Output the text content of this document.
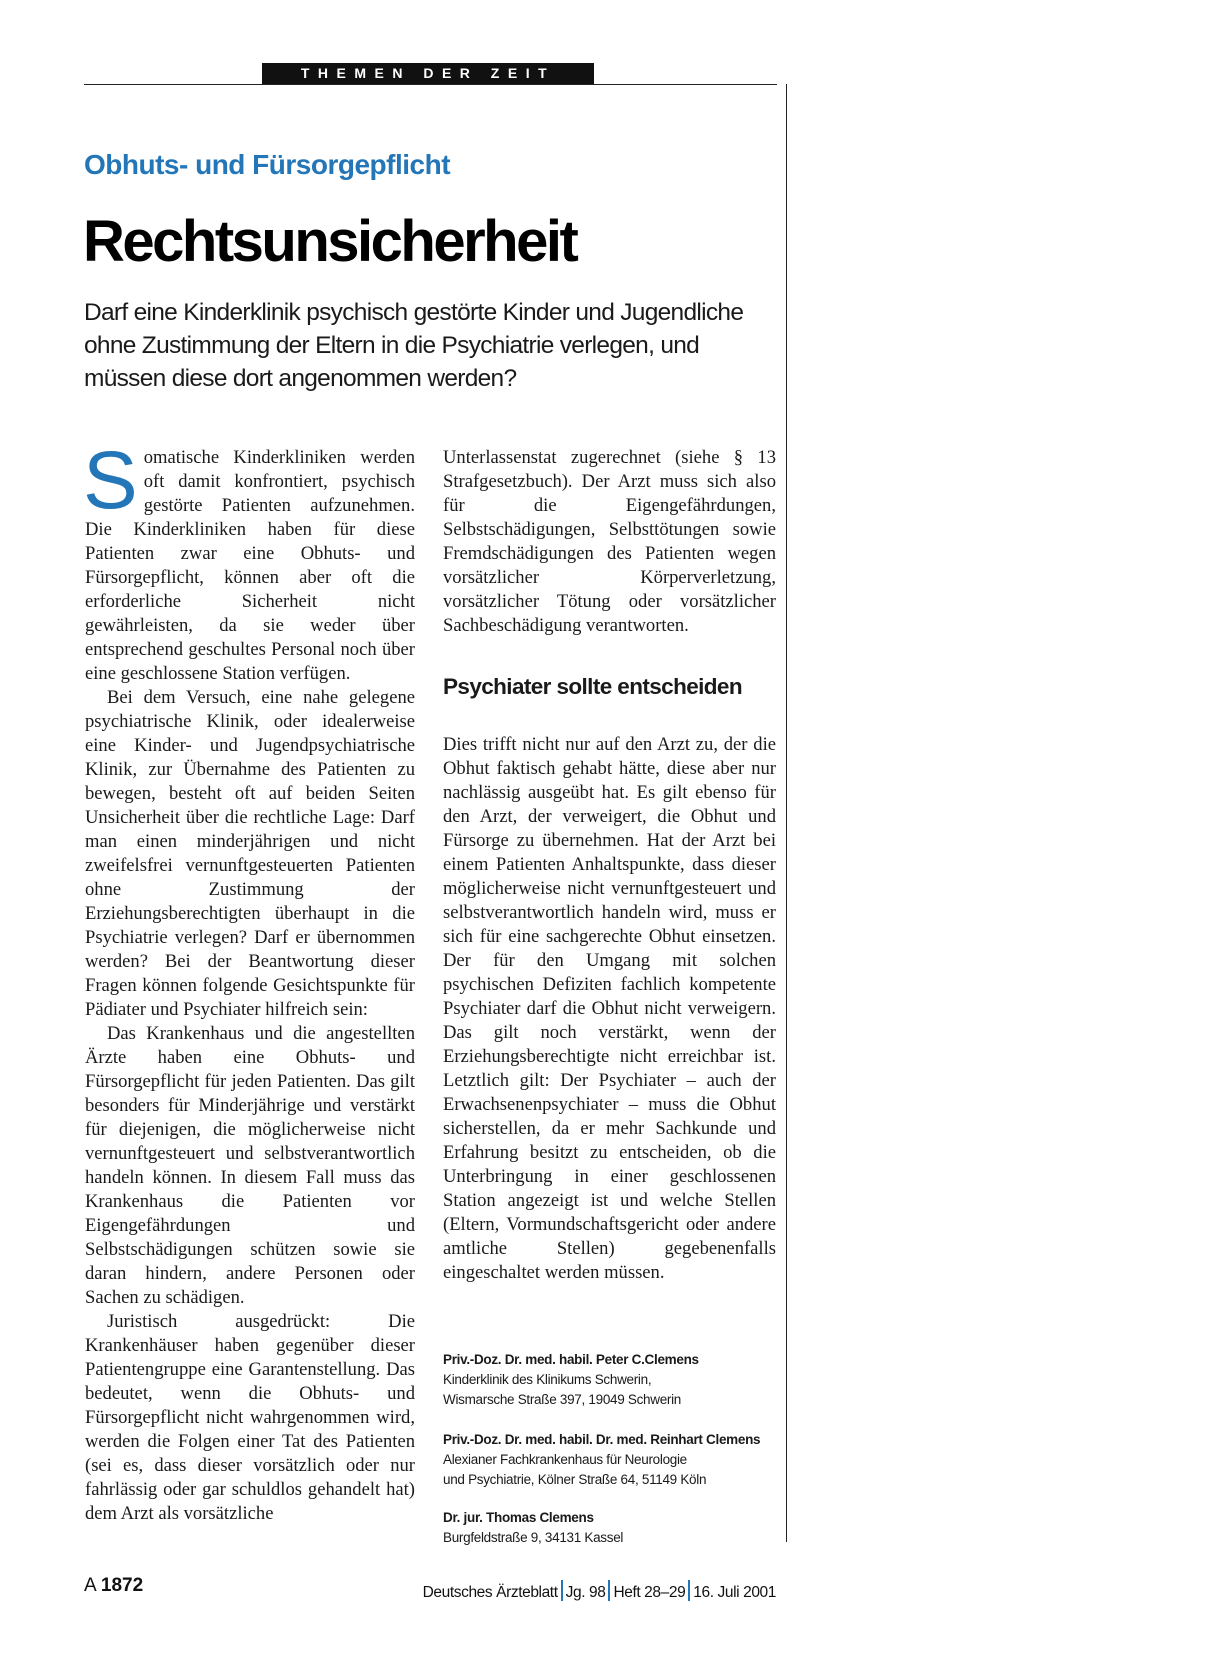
THEMEN DER ZEIT
Obhuts- und Fürsorgepflicht
Rechtsunsicherheit
Darf eine Kinderklinik psychisch gestörte Kinder und Jugendliche ohne Zustimmung der Eltern in die Psychiatrie verlegen, und müssen diese dort angenommen werden?

Somatische Kinderkliniken werden oft damit konfrontiert, psychisch gestörte Patienten aufzunehmen. Die Kinderkliniken haben für diese Patienten zwar eine Obhuts- und Fürsorgepflicht, können aber oft die erforderliche Sicherheit nicht gewährleisten, da sie weder über entsprechend geschultes Personal noch über eine geschlossene Station verfügen.

Bei dem Versuch, eine nahe gelegene psychiatrische Klinik, oder idealerweise eine Kinder- und Jugendpsychiatrische Klinik, zur Übernahme des Patienten zu bewegen, besteht oft auf beiden Seiten Unsicherheit über die rechtliche Lage: Darf man einen minderjährigen und nicht zweifelsfrei vernunftgesteuerten Patienten ohne Zustimmung der Erziehungsberechtigten überhaupt in die Psychiatrie verlegen? Darf er übernommen werden? Bei der Beantwortung dieser Fragen können folgende Gesichtspunkte für Pädiater und Psychiater hilfreich sein:

Das Krankenhaus und die angestellten Ärzte haben eine Obhuts- und Fürsorgepflicht für jeden Patienten. Das gilt besonders für Minderjährige und verstärkt für diejenigen, die möglicherweise nicht vernunftgesteuert und selbstverantwortlich handeln können. In diesem Fall muss das Krankenhaus die Patienten vor Eigengefährdungen und Selbstschädigungen schützen sowie sie daran hindern, andere Personen oder Sachen zu schädigen.

Juristisch ausgedrückt: Die Krankenhäuser haben gegenüber dieser Patientengruppe eine Garantenstellung. Das bedeutet, wenn die Obhuts- und Fürsorgepflicht nicht wahrgenommen wird, werden die Folgen einer Tat des Patienten (sei es, dass dieser vorsätzlich oder nur fahrlässig oder gar schuldlos gehandelt hat) dem Arzt als vorsätzliche

Unterlassenstat zugerechnet (siehe § 13 Strafgesetzbuch). Der Arzt muss sich also für die Eigengefährdungen, Selbstschädigungen, Selbsttötungen sowie Fremdschädigungen des Patienten wegen vorsätzlicher Körperverletzung, vorsätzlicher Tötung oder vorsätzlicher Sachbeschädigung verantworten.

Psychiater sollte entscheiden

Dies trifft nicht nur auf den Arzt zu, der die Obhut faktisch gehabt hätte, diese aber nur nachlässig ausgeübt hat. Es gilt ebenso für den Arzt, der verweigert, die Obhut und Fürsorge zu übernehmen. Hat der Arzt bei einem Patienten Anhaltspunkte, dass dieser möglicherweise nicht vernunftgesteuert und selbstverantwortlich handeln wird, muss er sich für eine sachgerechte Obhut einsetzen. Der für den Umgang mit solchen psychischen Defiziten fachlich kompetente Psychiater darf die Obhut nicht verweigern. Das gilt noch verstärkt, wenn der Erziehungsberechtigte nicht erreichbar ist. Letztlich gilt: Der Psychiater – auch der Erwachsenenpsychiater – muss die Obhut sicherstellen, da er mehr Sachkunde und Erfahrung besitzt zu entscheiden, ob die Unterbringung in einer geschlossenen Station angezeigt ist und welche Stellen (Eltern, Vormundschaftsgericht oder andere amtliche Stellen) gegebenenfalls eingeschaltet werden müssen.

Priv.-Doz. Dr. med. habil. Peter C.Clemens
Kinderklinik des Klinikums Schwerin,
Wismarsche Straße 397, 19049 Schwerin
Priv.-Doz. Dr. med. habil. Dr. med. Reinhart Clemens
Alexianer Fachkrankenhaus für Neurologie
und Psychiatrie, Kölner Straße 64, 51149 Köln
Dr. jur. Thomas Clemens
Burgfeldstraße 9, 34131 Kassel
A 1872	Deutsches Ärzteblatt Jg. 98 Heft 28–29 16. Juli 2001
